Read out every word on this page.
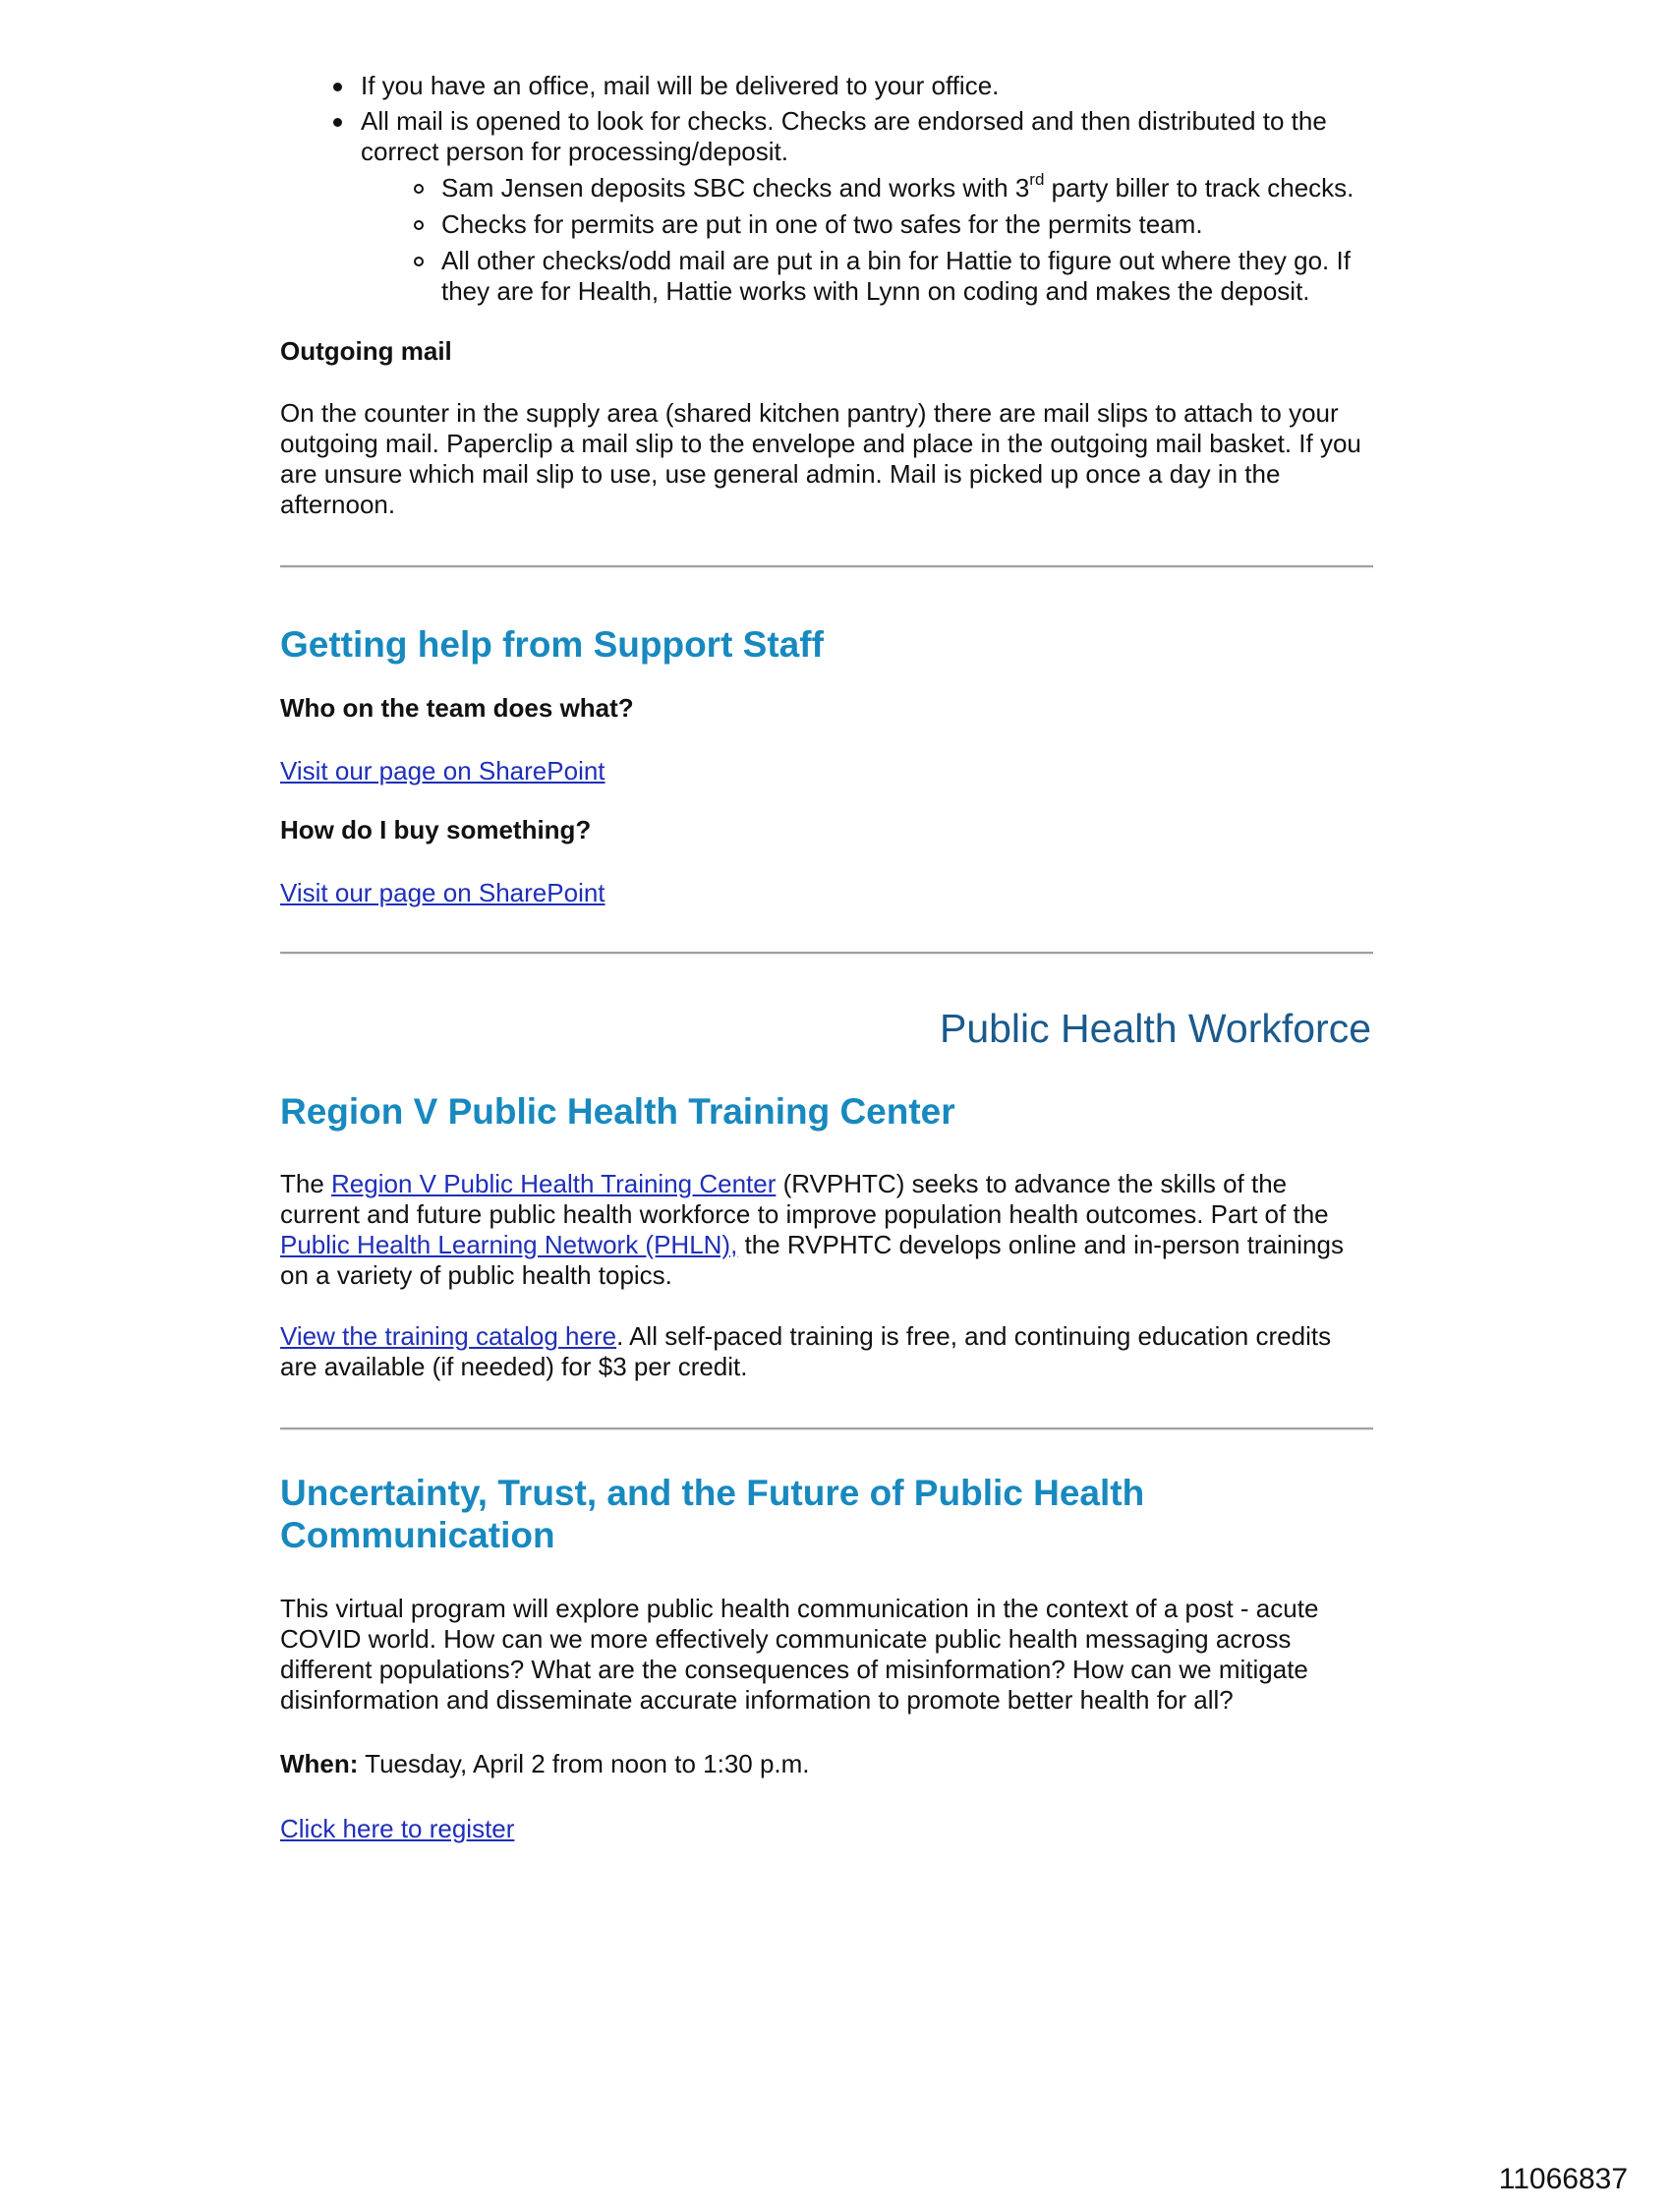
If you have an office, mail will be delivered to your office.
All mail is opened to look for checks. Checks are endorsed and then distributed to the correct person for processing/deposit.
Sam Jensen deposits SBC checks and works with 3rd party biller to track checks.
Checks for permits are put in one of two safes for the permits team.
All other checks/odd mail are put in a bin for Hattie to figure out where they go. If they are for Health, Hattie works with Lynn on coding and makes the deposit.
Outgoing mail

On the counter in the supply area (shared kitchen pantry) there are mail slips to attach to your outgoing mail. Paperclip a mail slip to the envelope and place in the outgoing mail basket. If you are unsure which mail slip to use, use general admin. Mail is picked up once a day in the afternoon.

Getting help from Support Staff
Who on the team does what?

Visit our page on SharePoint

How do I buy something?

Visit our page on SharePoint

Public Health Workforce
Region V Public Health Training Center

The Region V Public Health Training Center (RVPHTC) seeks to advance the skills of the current and future public health workforce to improve population health outcomes. Part of the Public Health Learning Network (PHLN), the RVPHTC develops online and in-person trainings on a variety of public health topics.

View the training catalog here. All self-paced training is free, and continuing education credits are available (if needed) for $3 per credit.

Uncertainty, Trust, and the Future of Public Health Communication

This virtual program will explore public health communication in the context of a post - acute COVID world. How can we more effectively communicate public health messaging across different populations? What are the consequences of misinformation? How can we mitigate disinformation and disseminate accurate information to promote better health for all?

When: Tuesday, April 2 from noon to 1:30 p.m.

Click here to register

11066837
